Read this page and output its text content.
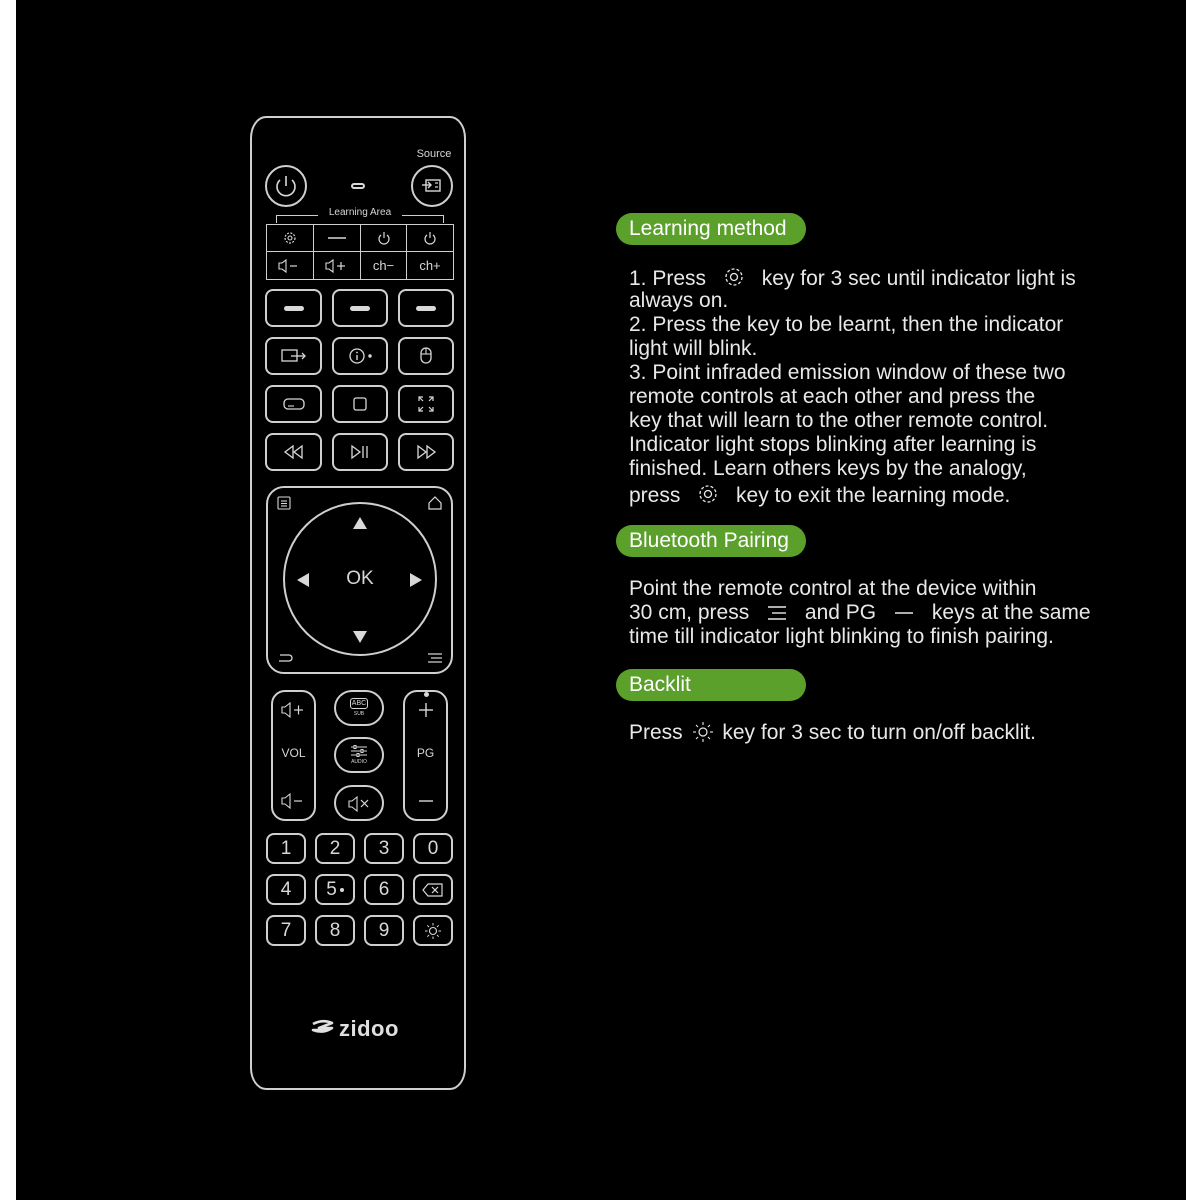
Source
Learning Area
ch−	ch+
OK
VOL
ABC
SUB
AUDIO
PG
1	2	3	0
4	5	6
7	8	9
zidoo
Learning method
1. Press	key for 3 sec until indicator light is
always on.
2. Press the key to be learnt, then the indicator
light will blink.
3. Point infraded emission window of these two
remote controls at each other and press the
key that will learn to the other remote control.
Indicator light stops blinking after learning is
finished. Learn others keys by the analogy,
press	key to exit the learning mode.
Bluetooth Pairing
Point the remote control at the device within
30 cm, press	and PG	keys at the same
time till indicator light blinking to finish pairing.
Backlit
Press key for 3 sec to turn on/off backlit.
